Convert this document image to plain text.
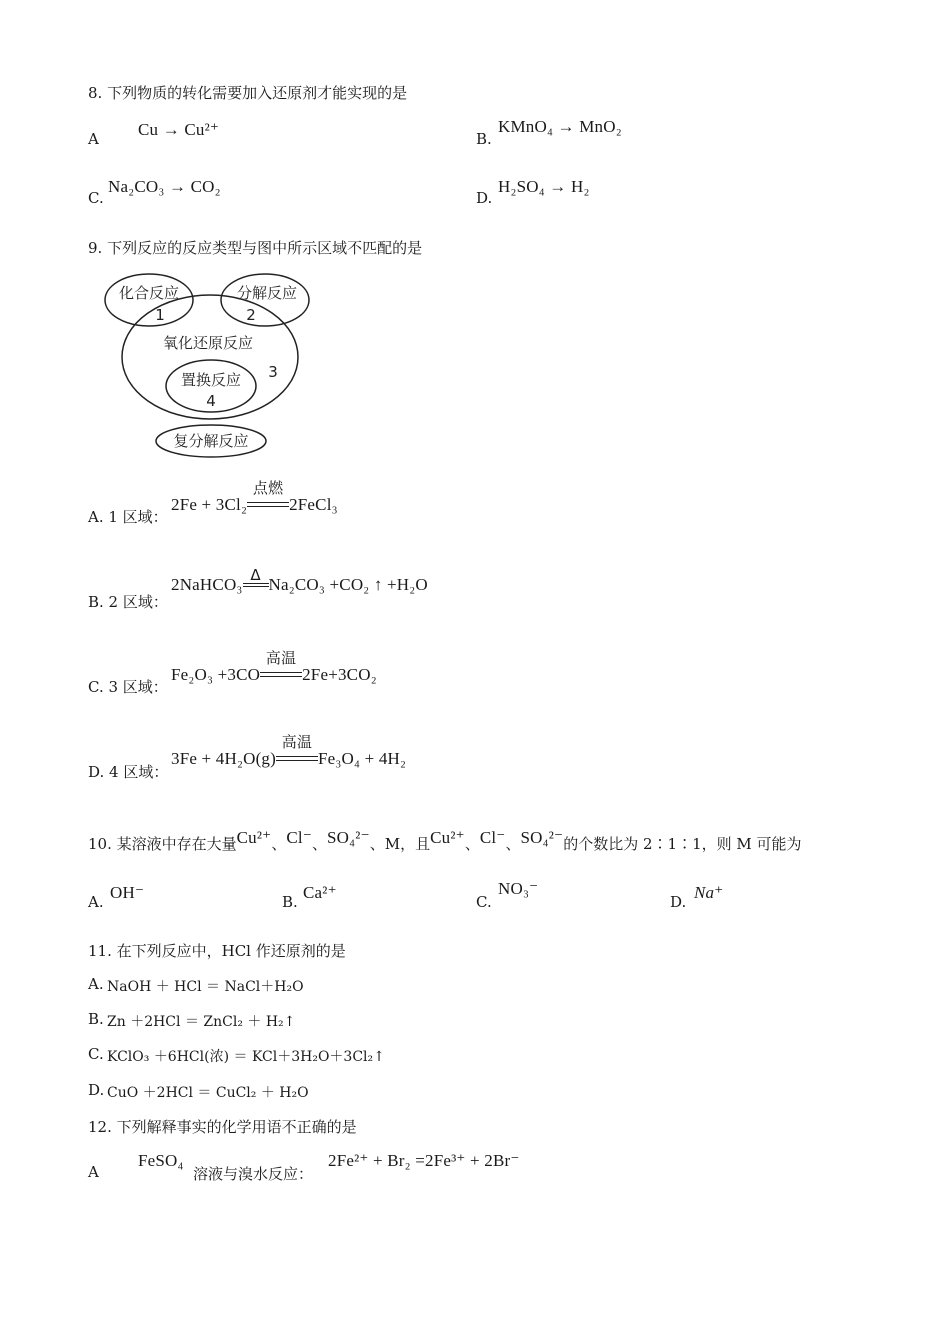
8. 下列物质的转化需要加入还原剂才能实现的是
A Cu → Cu²⁺	B.
KMnO₄ → MnO₂
C.
Na₂CO₃ → CO₂
D.
H₂SO₄ → H₂
9. 下列反应的反应类型与图中所示区域不匹配的是
化合反应
1
分解反应
2
氧化还原反应
3
置换反应
4
复分解反应
A. 1 区域：
2Fe + 3Cl₂
点燃
2FeCl₃
B. 2 区域：
2NaHCO₃ Δ Na₂CO₃ +CO₂ ↑ +H₂O
C. 3 区域：
Fe₂O₃ +3CO
高温
2Fe+3CO₂
D. 4 区域：
3Fe + 4H₂O(g)
高温
Fe₃O₄ + 4H₂
10. 某溶液中存在大量Cu²⁺、Cl⁻、SO₄²⁻、M，且Cu²⁺、Cl⁻、SO₄²⁻的个数比为 2∶1∶1，则 M 可能为
A. OH⁻	B. Ca²⁺	C.
NO₃⁻
D. Na⁺
11. 在下列反应中，HCl 作还原剂的是
A. NaOH ＋ HCl ＝ NaCl＋H₂O
B. Zn ＋2HCl ＝ ZnCl₂ ＋ H₂↑
C. KClO₃ ＋6HCl(浓) ＝ KCl＋3H₂O＋3Cl₂↑
D. CuO ＋2HCl ＝ CuCl₂ ＋ H₂O
12. 下列解释事实的化学用语不正确的是
A
FeSO₄
溶液与溴水反应：
2Fe²⁺ + Br₂ =2Fe³⁺ + 2Br⁻
